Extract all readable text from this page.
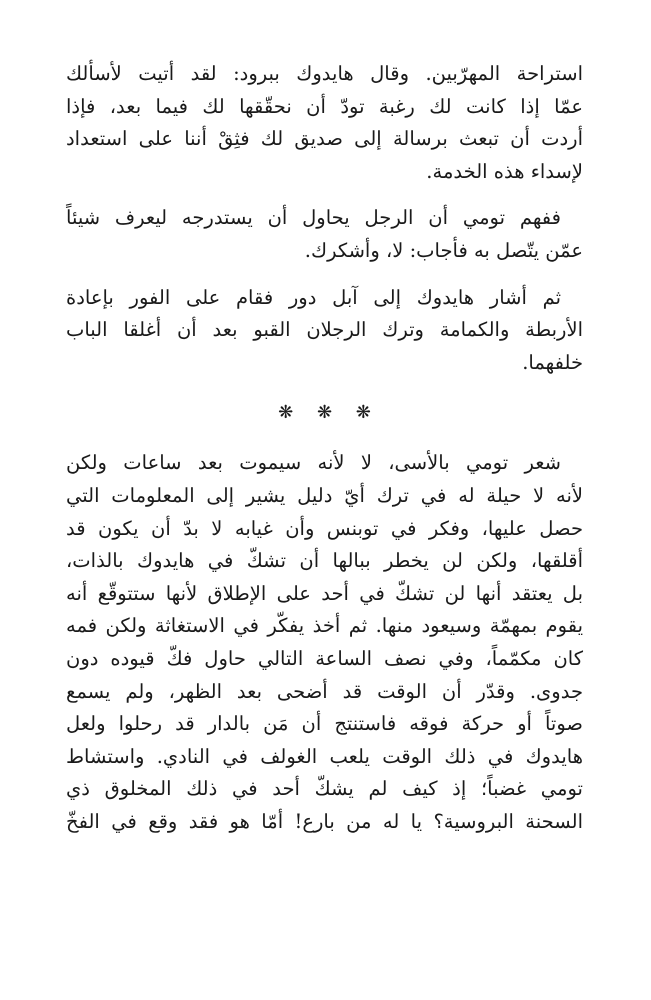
استراحة المهرّبين. وقال هايدوك ببرود: لقد أتيت لأسألك
عمّا إذا كانت لك رغبة تودّ أن نحقّقها لك فيما بعد، فإذا
أردت أن تبعث برسالة إلى صديق لك فثِقْ أننا على استعداد
لإسداء هذه الخدمة.

ففهم تومي أن الرجل يحاول أن يستدرجه ليعرف شيئاً
عمّن يتّصل به فأجاب: لا، وأشكرك.

ثم أشار هايدوك إلى آبل دور فقام على الفور بإعادة
الأربطة والكمامة وترك الرجلان القبو بعد أن أغلقا الباب
خلفهما.

❋ ❋ ❋

شعر تومي بالأسى، لا لأنه سيموت بعد ساعات ولكن
لأنه لا حيلة له في ترك أيّ دليل يشير إلى المعلومات التي
حصل عليها، وفكر في توبنس وأن غيابه لا بدّ أن يكون قد
أقلقها، ولكن لن يخطر ببالها أن تشكّ في هايدوك بالذات،
بل يعتقد أنها لن تشكّ في أحد على الإطلاق لأنها ستتوقّع أنه
يقوم بمهمّة وسيعود منها. ثم أخذ يفكّر في الاستغاثة ولكن فمه
كان مكمّماً، وفي نصف الساعة التالي حاول فكّ قيوده دون
جدوى. وقدّر أن الوقت قد أضحى بعد الظهر، ولم يسمع
صوتاً أو حركة فوقه فاستنتج أن مَن بالدار قد رحلوا ولعل
هايدوك في ذلك الوقت يلعب الغولف في النادي. واستشاط
تومي غضباً؛ إذ كيف لم يشكّ أحد في ذلك المخلوق ذي
السحنة البروسية؟ يا له من بارع! أمّا هو فقد وقع في الفخّ
